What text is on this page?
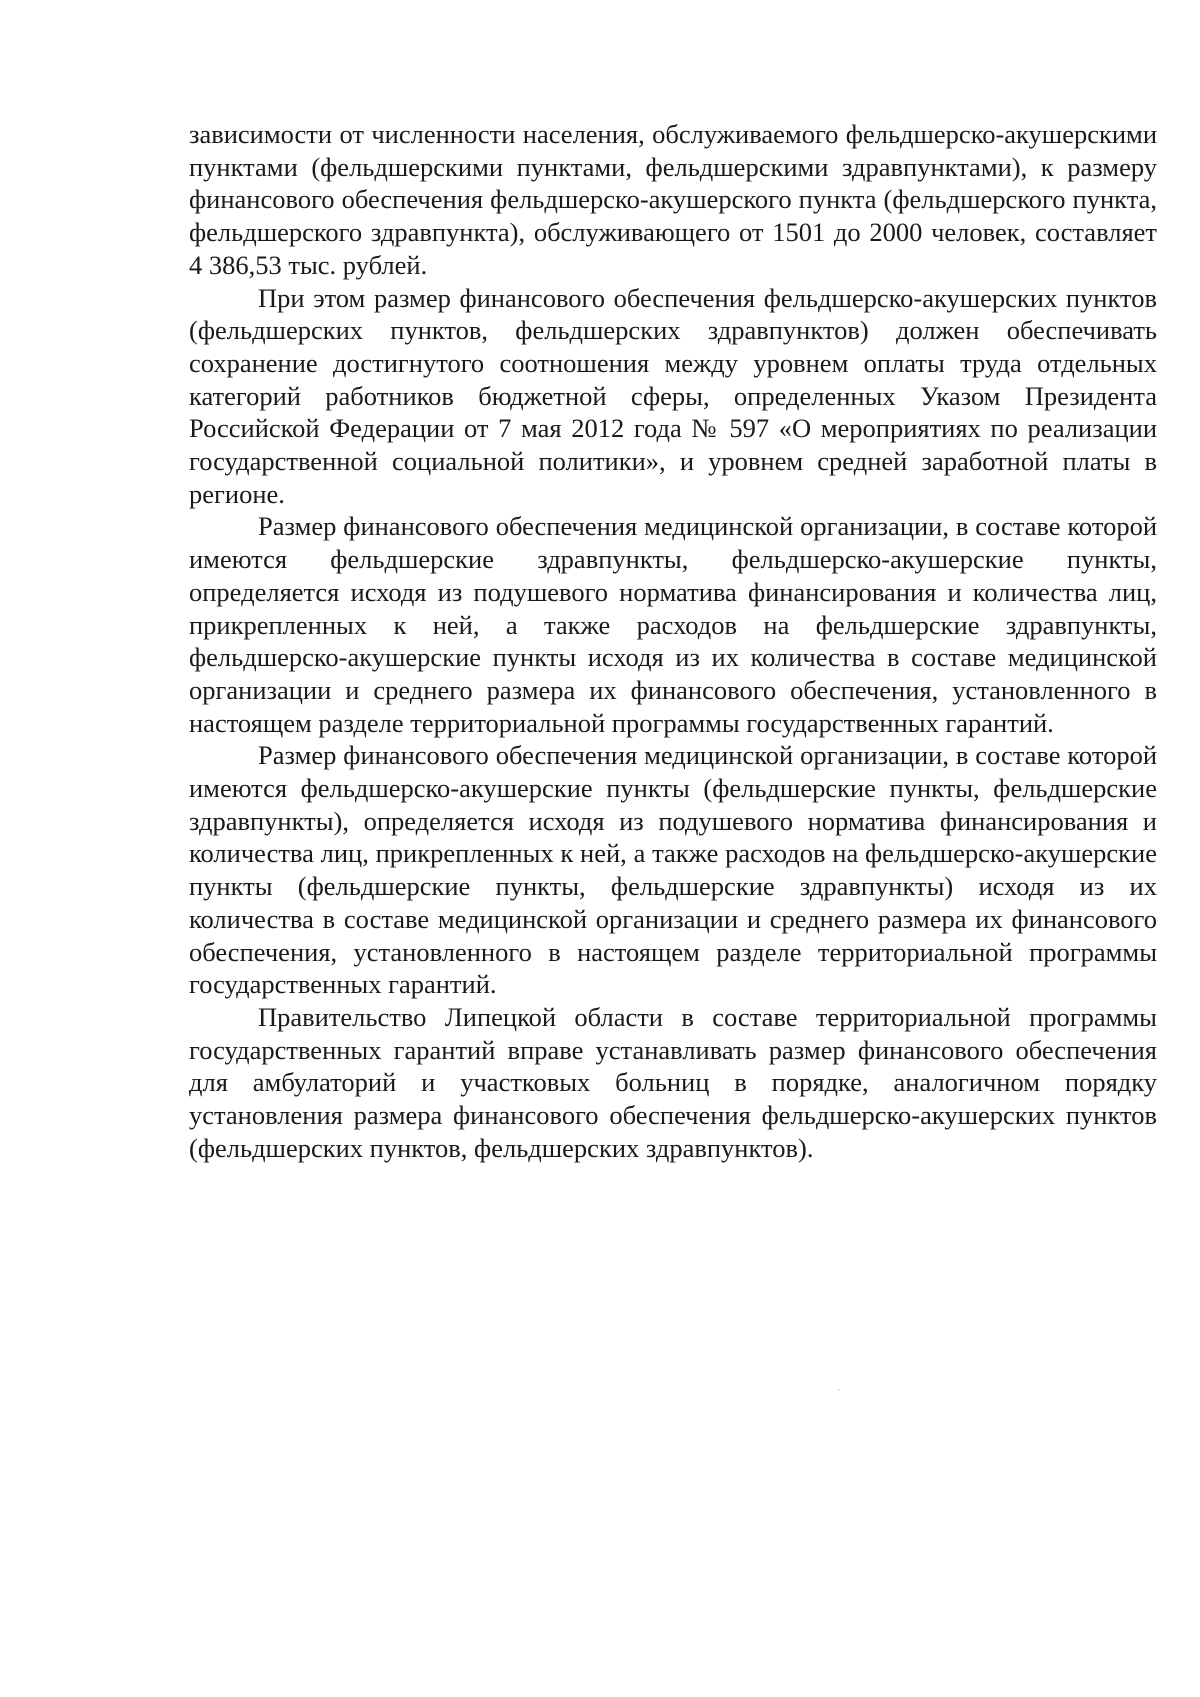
зависимости от численности населения, обслуживаемого фельдшерско-акушерскими пунктами (фельдшерскими пунктами, фельдшерскими здравпунктами), к размеру финансового обеспечения фельдшерско-акушерского пункта (фельдшерского пункта, фельдшерского здравпункта), обслуживающего от 1501 до 2000 человек, составляет 4 386,53 тыс. рублей.

При этом размер финансового обеспечения фельдшерско-акушерских пунктов (фельдшерских пунктов, фельдшерских здравпунктов) должен обеспечивать сохранение достигнутого соотношения между уровнем оплаты труда отдельных категорий работников бюджетной сферы, определенных Указом Президента Российской Федерации от 7 мая 2012 года № 597 «О мероприятиях по реализации государственной социальной политики», и уровнем средней заработной платы в регионе.

Размер финансового обеспечения медицинской организации, в составе которой имеются фельдшерские здравпункты, фельдшерско-акушерские пункты, определяется исходя из подушевого норматива финансирования и количества лиц, прикрепленных к ней, а также расходов на фельдшерские здравпункты, фельдшерско-акушерские пункты исходя из их количества в составе медицинской организации и среднего размера их финансового обеспечения, установленного в настоящем разделе территориальной программы государственных гарантий.

Размер финансового обеспечения медицинской организации, в составе которой имеются фельдшерско-акушерские пункты (фельдшерские пункты, фельдшерские здравпункты), определяется исходя из подушевого норматива финансирования и количества лиц, прикрепленных к ней, а также расходов на фельдшерско-акушерские пункты (фельдшерские пункты, фельдшерские здравпункты) исходя из их количества в составе медицинской организации и среднего размера их финансового обеспечения, установленного в настоящем разделе территориальной программы государственных гарантий.

Правительство Липецкой области в составе территориальной программы государственных гарантий вправе устанавливать размер финансового обеспечения для амбулаторий и участковых больниц в порядке, аналогичном порядку установления размера финансового обеспечения фельдшерско-акушерских пунктов (фельдшерских пунктов, фельдшерских здравпунктов).
